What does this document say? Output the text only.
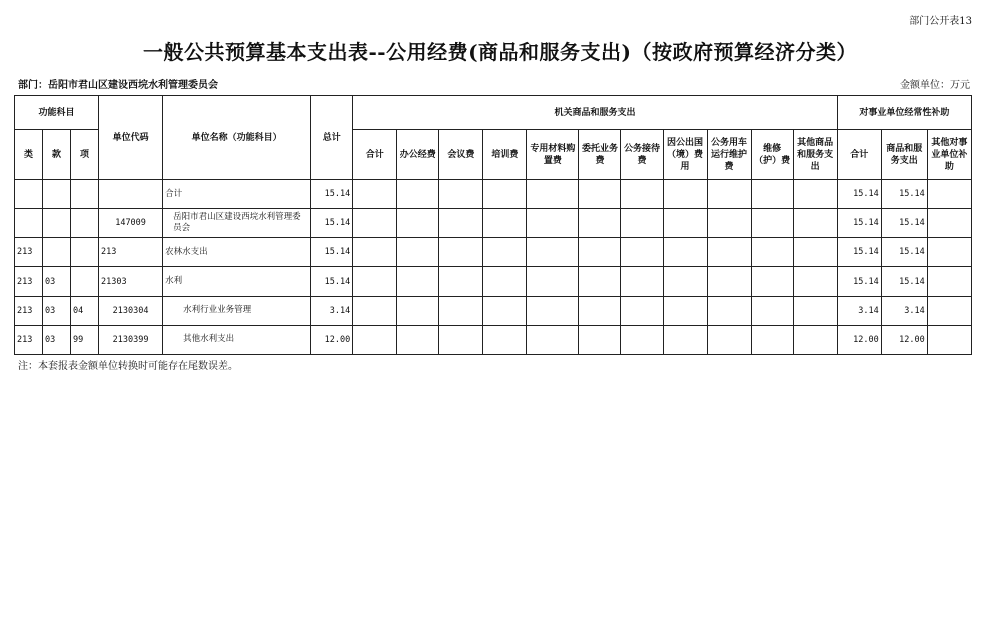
部门公开表13
一般公共预算基本支出表--公用经费(商品和服务支出)（按政府预算经济分类）
部门：岳阳市君山区建设西垸水利管理委员会	金额单位：万元
功能科目			单位代码	单位名称（功能科目）	总计	机关商品和服务支出											对事业单位经常性补助		
类	款	项				合计	办公经费	会议费	培训费	专用材料购置费	委托业务费	公务接待费	因公出国（境）费用	公务用车运行维护费	维修（护）费	其他商品和服务支出	合计	商品和服务支出	其他对事业单位补助
				合计	15.14												15.14	15.14	
			147009	岳阳市君山区建设西垸水利管理委员会	15.14												15.14	15.14	
213			213	农林水支出	15.14												15.14	15.14	
213	03		21303	水利	15.14												15.14	15.14	
213	03	04	2130304	水利行业业务管理	3.14												3.14	3.14	
213	03	99	2130399	其他水利支出	12.00												12.00	12.00	
注：本套报表金额单位转换时可能存在尾数误差。
